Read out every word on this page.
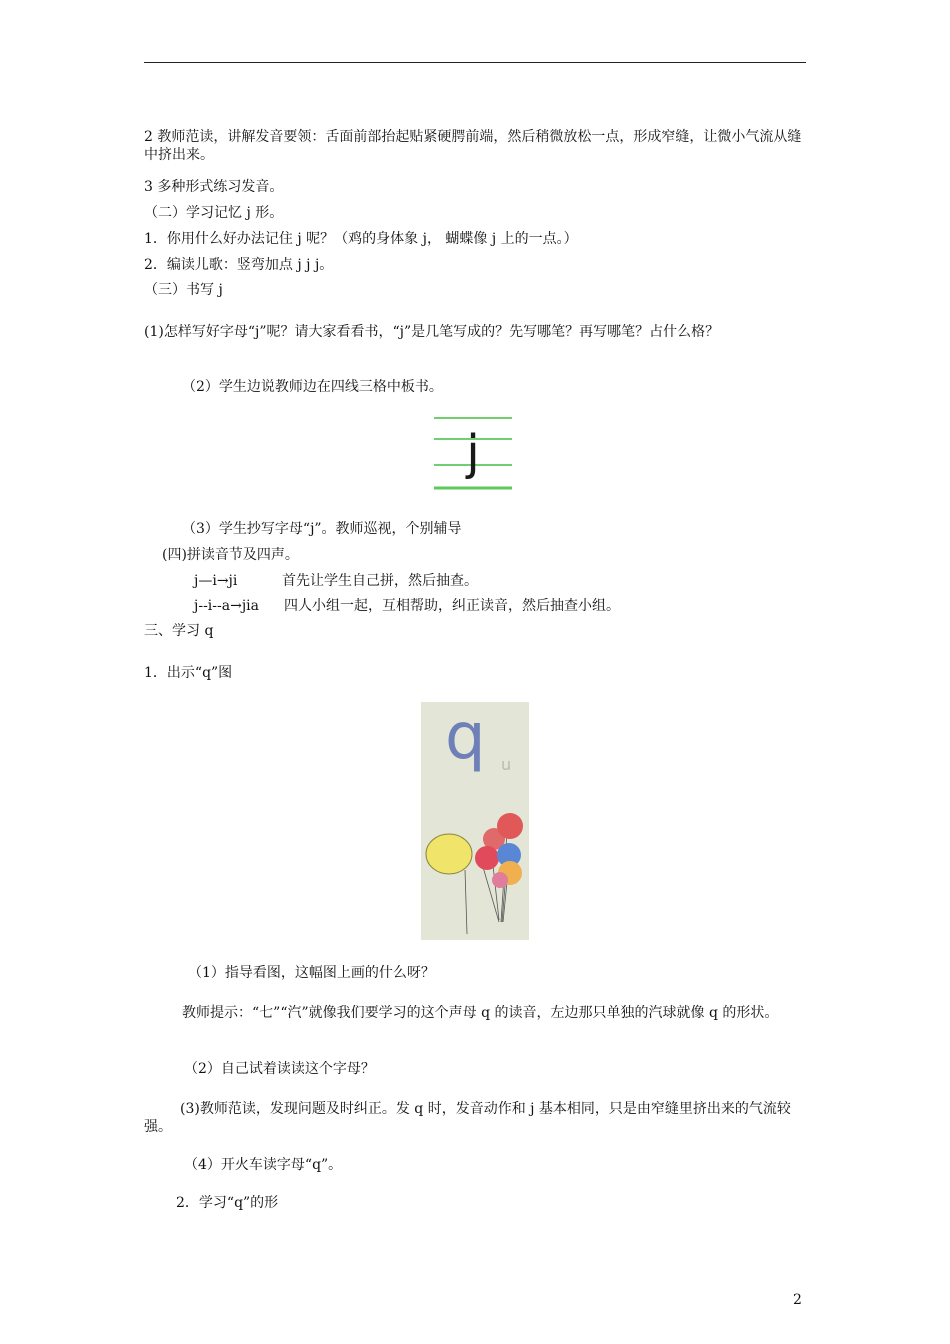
2 教师范读，讲解发音要领：舌面前部抬起贴紧硬腭前端，然后稍微放松一点，形成窄缝，让微小气流从缝中挤出来。
3 多种形式练习发音。
（二）学习记忆 j 形。
1．你用什么好办法记住 j 呢？（鸡的身体象 j， 蝴蝶像 j 上的一点。）
2．编读儿歌：竖弯加点 j j j。
（三）书写 j
(1)怎样写好字母“j”呢？请大家看看书，“j”是几笔写成的？先写哪笔？再写哪笔？占什么格？
（2）学生边说教师边在四线三格中板书。
j
（3）学生抄写字母“j”。教师巡视，个别辅导
(四)拼读音节及四声。
j—i→ji	首先让学生自己拼，然后抽查。
j--i--a→jia 四人小组一起，互相帮助，纠正读音，然后抽查小组。
三、学习 q
1．出示“q”图
q u
（1）指导看图，这幅图上画的什么呀？
教师提示：“七”“汽”就像我们要学习的这个声母 q 的读音，左边那只单独的汽球就像 q 的形状。
（2）自己试着读读这个字母？
(3)教师范读，发现问题及时纠正。发 q 时，发音动作和 j 基本相同，只是由窄缝里挤出来的气流较强。
（4）开火车读字母“q”。
2．学习“q”的形
2
